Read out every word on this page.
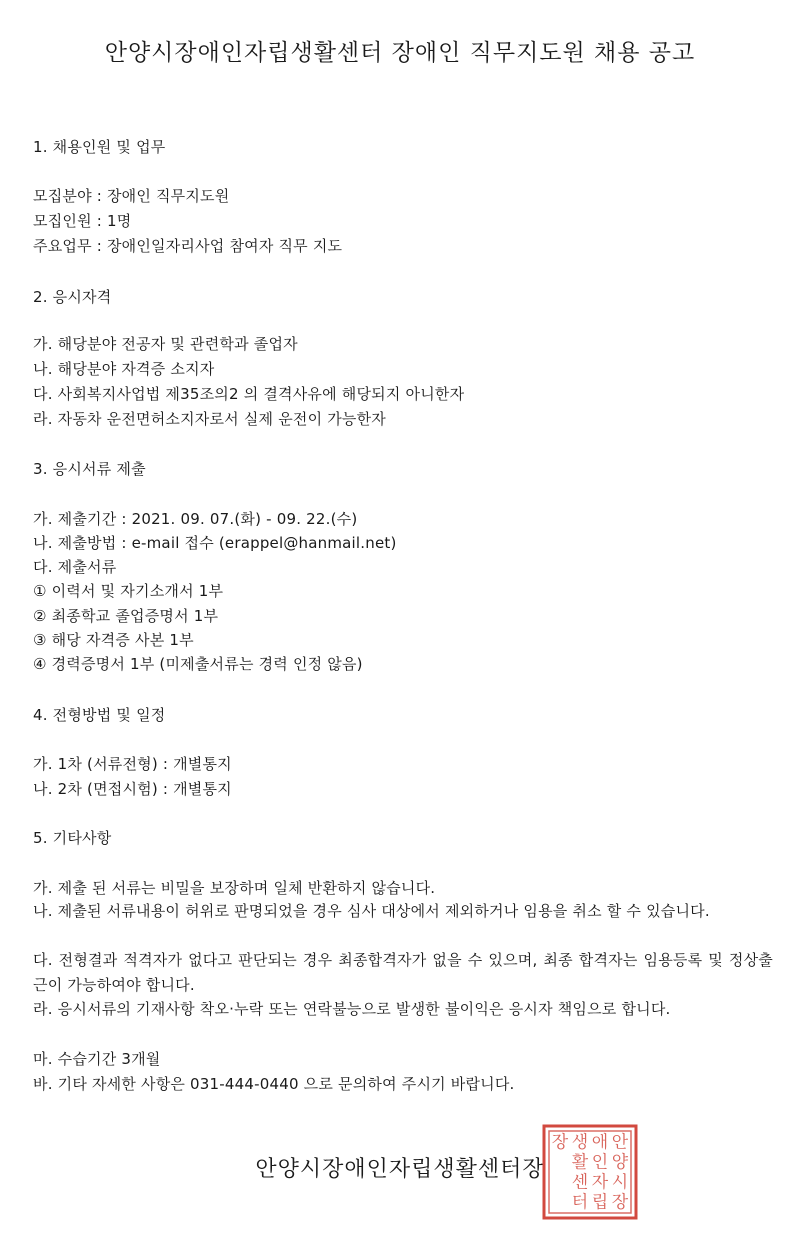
안양시장애인자립생활센터 장애인 직무지도원 채용 공고
1. 채용인원 및 업무
모집분야 : 장애인 직무지도원
모집인원 : 1명
주요업무 : 장애인일자리사업 참여자 직무 지도
2. 응시자격
가. 해당분야 전공자 및 관련학과 졸업자
나. 해당분야 자격증 소지자
다. 사회복지사업법 제35조의2 의 결격사유에 해당되지 아니한자
라. 자동차 운전면허소지자로서 실제 운전이 가능한자
3. 응시서류 제출
가. 제출기간 : 2021. 09. 07.(화) - 09. 22.(수)
나. 제출방법 : e-mail 접수 (erappel@hanmail.net)
다. 제출서류
① 이력서 및 자기소개서 1부
② 최종학교 졸업증명서 1부
③ 해당 자격증 사본 1부
④ 경력증명서 1부 (미제출서류는 경력 인정 않음)
4. 전형방법 및 일정
가. 1차 (서류전형) : 개별통지
나. 2차 (면접시험) : 개별통지
5. 기타사항
가. 제출 된 서류는 비밀을 보장하며 일체 반환하지 않습니다.
나. 제출된 서류내용이 허위로 판명되었을 경우 심사 대상에서 제외하거나 임용을 취소 할 수 있습니다.
다. 전형결과 적격자가 없다고 판단되는 경우 최종합격자가 없을 수 있으며, 최종 합격자는 임용등록 및 정상출근이 가능하여야 합니다.
라. 응시서류의 기재사항 착오·누락 또는 연락불능으로 발생한 불이익은 응시자 책임으로 합니다.
마. 수습기간 3개월
바. 기타 자세한 사항은 031-444-0440 으로 문의하여 주시기 바랍니다.
안양시장애인자립생활센터장
안
양
시
장
애
인
자
립
생
활
센
터
장
